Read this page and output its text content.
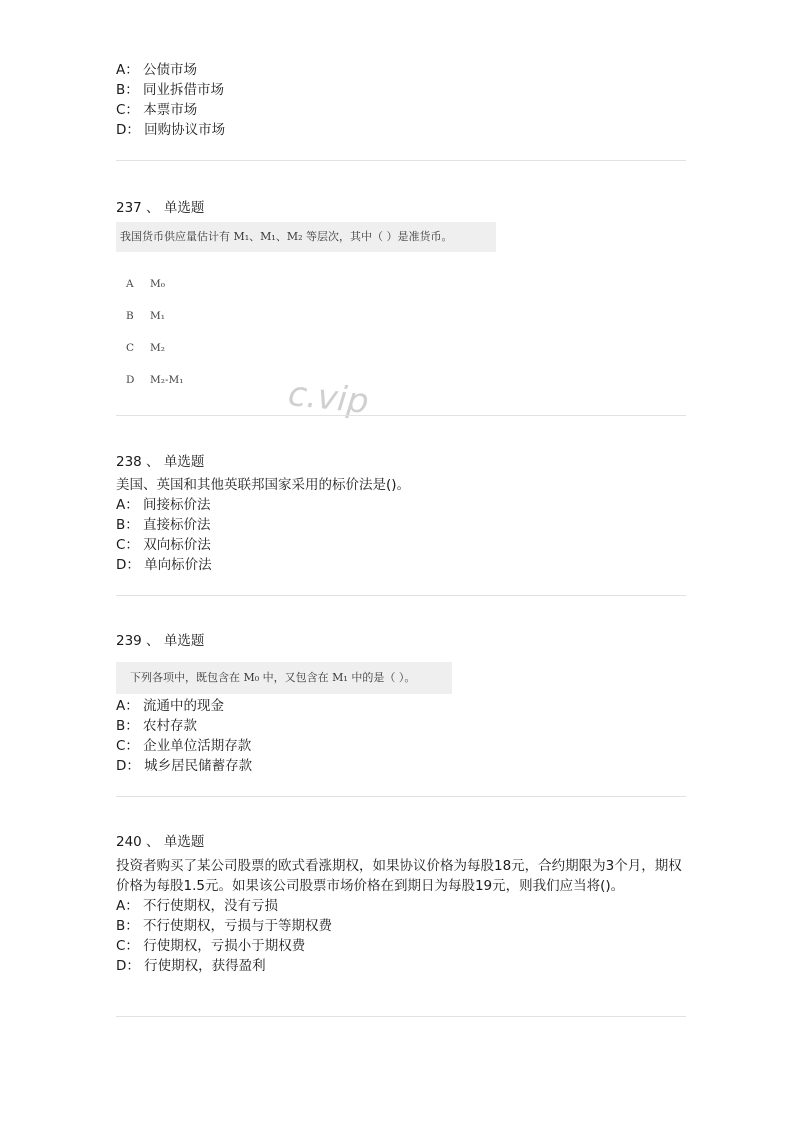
A： 公债市场
B： 同业拆借市场
C： 本票市场
D： 回购协议市场
237 、 单选题
我国货币供应量估计有 M₁、M₁、M₂ 等层次，其中（ ）是准货币。
A M₀
B M₁
C M₂
D M₂-M₁	c.vip
238 、 单选题
美国、英国和其他英联邦国家采用的标价法是()。
A： 间接标价法
B： 直接标价法
C： 双向标价法
D： 单向标价法
239 、 单选题
下列各项中，既包含在 M₀ 中，又包含在 M₁ 中的是（ ）。
A： 流通中的现金
B： 农村存款
C： 企业单位活期存款
D： 城乡居民储蓄存款
240 、 单选题
投资者购买了某公司股票的欧式看涨期权，如果协议价格为每股18元，合约期限为3个月，期权价格为每股1.5元。如果该公司股票市场价格在到期日为每股19元，则我们应当将()。
A： 不行使期权，没有亏损
B： 不行使期权，亏损与于等期权费
C： 行使期权，亏损小于期权费
D： 行使期权，获得盈利
